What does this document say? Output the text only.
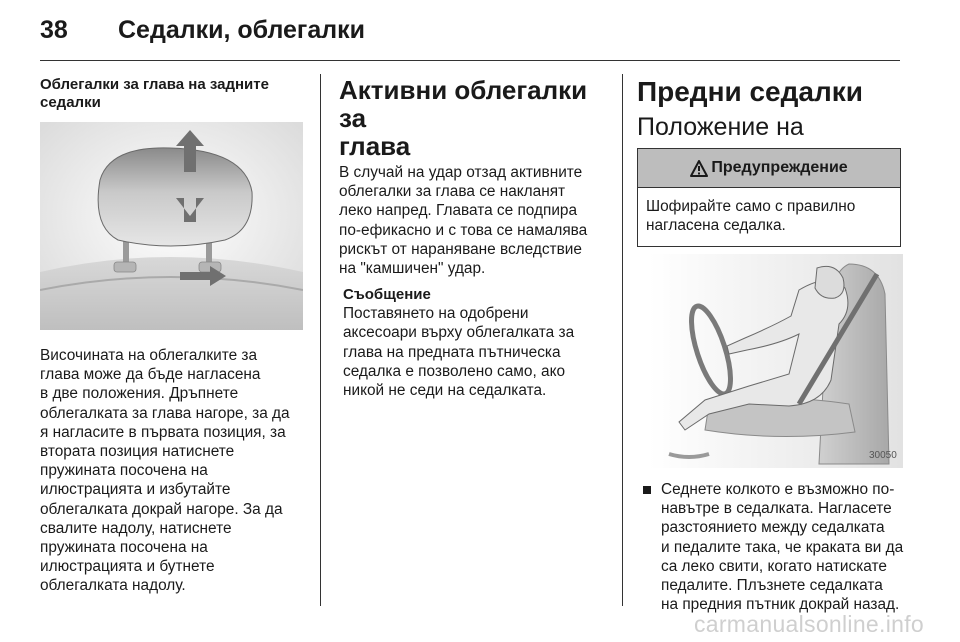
38 Седалки, облегалки

Облегалки за глава на задните
седалки

Височината на облегалките за
глава може да бъде нагласена
в две положения. Дръпнете
облегалката за глава нагоре, за да
я нагласите в първата позиция, за
втората позиция натиснете
пружината посочена на
илюстрацията и избутайте
облегалката докрай нагоре. За да
свалите надолу, натиснете
пружината посочена на
илюстрацията и бутнете
облегалката надолу.

Активни облегалки за
глава

В случай на удар отзад активните
облегалки за глава се накланят
леко напред. Главата се подпира
по-ефикасно и с това се намалява
рискът от нараняване вследствие
на "камшичен" удар.

Съобщение

Поставянето на одобрени
аксесоари върху облегалката за
глава на предната пътническа
седалка е позволено само, ако
никой не седи на седалката.

Предни седалки

Положение на

Предупреждение
Шофирайте само с правилно
нагласена седалка.
30050
Седнете колкото е възможно по-
навътре в седалката. Нагласете
разстоянието между седалката
и педалите така, че краката ви да
са леко свити, когато натискате
педалите. Плъзнете седалката
на предния пътник докрай назад.
carmanualsonline.info
